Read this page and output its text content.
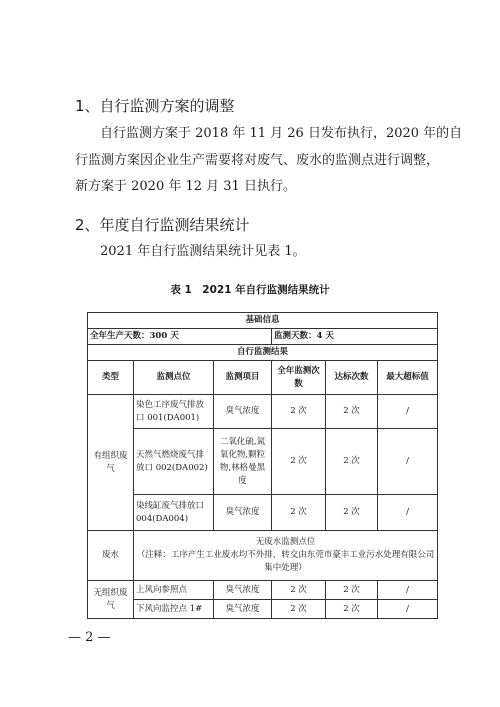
1、自行监测方案的调整
自行监测方案于 2018 年 11 月 26 日发布执行，2020 年的自
行监测方案因企业生产需要将对废气、废水的监测点进行调整，
新方案于 2020 年 12 月 31 日执行。
2、年度自行监测结果统计
2021 年自行监测结果统计见表 1。
表 1　2021 年自行监测结果统计
基础信息					
全年生产天数：300 天			监测天数：4 天		
自行监测结果					
类型	监测点位	监测项目	全年监测次数	达标次数	最大超标值
有组织废气	染色工序废气排放口 001(DA001)	臭气浓度	2 次	2 次	/
	天然气燃烧废气排放口 002(DA002)	二氧化硫,氮氧化物,颗粒物,林格曼黑度	2 次	2 次	/
	染线缸废气排放口 004(DA004)	臭气浓度	2 次	2 次	/
废水	无废水监测点位
（注释：工序产生工业废水均不外排，转交由东莞市豪丰工业污水处理有限公司集中处理）				

无组织废气	上风向参照点	臭气浓度	2 次	2 次	/
	下风向监控点 1#	臭气浓度	2 次	2 次	/
— 2 —
